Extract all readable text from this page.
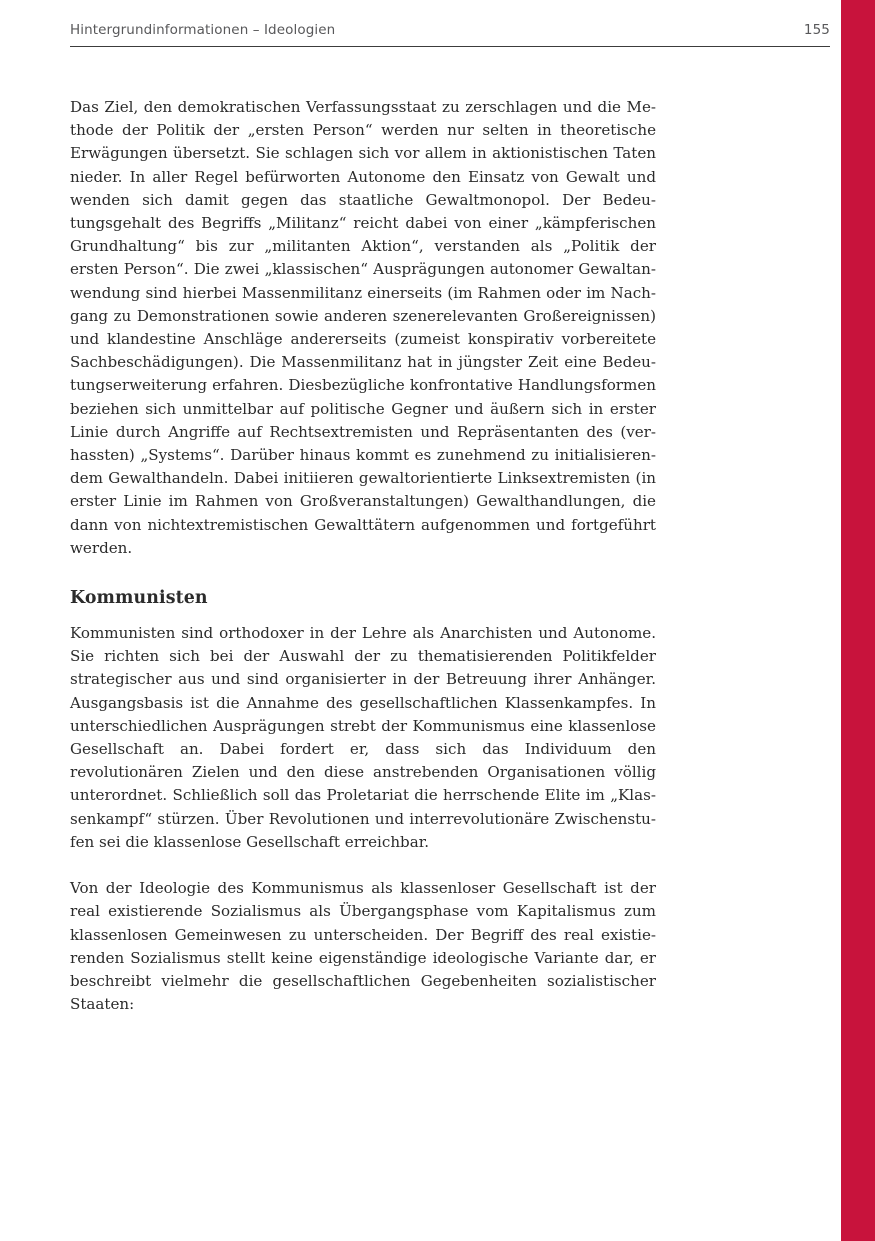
Hintergrundinformationen – Ideologien	155

Das Ziel, den demokratischen Verfassungsstaat zu zerschlagen und die Methode der Politik der „ersten Person“ werden nur selten in theoretische Erwägungen übersetzt. Sie schlagen sich vor allem in aktionistischen Taten nieder. In aller Regel befürworten Autonome den Einsatz von Gewalt und wenden sich damit gegen das staatliche Gewaltmonopol. Der Bedeutungsgehalt des Begriffs „Militanz“ reicht dabei von einer „kämpferischen Grundhaltung“ bis zur „militanten Aktion“, verstanden als „Politik der ersten Person“. Die zwei „klassischen“ Ausprägungen autonomer Gewaltanwendung sind hierbei Massenmilitanz einerseits (im Rahmen oder im Nachgang zu Demonstrationen sowie anderen szenerelevanten Großereignissen) und klandestine Anschläge andererseits (zumeist konspirativ vorbereitete Sachbeschädigungen). Die Massenmilitanz hat in jüngster Zeit eine Bedeutungserweiterung erfahren. Diesbezügliche konfrontative Handlungsformen beziehen sich unmittelbar auf politische Gegner und äußern sich in erster Linie durch Angriffe auf Rechtsextremisten und Repräsentanten des (verhassten) „Systems“. Darüber hinaus kommt es zunehmend zu initialisierendem Gewalthandeln. Dabei initiieren gewaltorientierte Linksextremisten (in erster Linie im Rahmen von Großveranstaltungen) Gewalthandlungen, die dann von nichtextremistischen Gewalttätern aufgenommen und fortgeführt werden.

Kommunisten

Kommunisten sind orthodoxer in der Lehre als Anarchisten und Autonome. Sie richten sich bei der Auswahl der zu thematisierenden Politikfelder strategischer aus und sind organisierter in der Betreuung ihrer Anhänger. Ausgangsbasis ist die Annahme des gesellschaftlichen Klassenkampfes. In unterschiedlichen Ausprägungen strebt der Kommunismus eine klassenlose Gesellschaft an. Dabei fordert er, dass sich das Individuum den revolutionären Zielen und den diese anstrebenden Organisationen völlig unterordnet. Schließlich soll das Proletariat die herrschende Elite im „Klassenkampf“ stürzen. Über Revolutionen und interrevolutionäre Zwischenstufen sei die klassenlose Gesellschaft erreichbar.

Von der Ideologie des Kommunismus als klassenloser Gesellschaft ist der real existierende Sozialismus als Übergangsphase vom Kapitalismus zum klassenlosen Gemeinwesen zu unterscheiden. Der Begriff des real existierenden Sozialismus stellt keine eigenständige ideologische Variante dar, er beschreibt vielmehr die gesellschaftlichen Gegebenheiten sozialistischer Staaten:
